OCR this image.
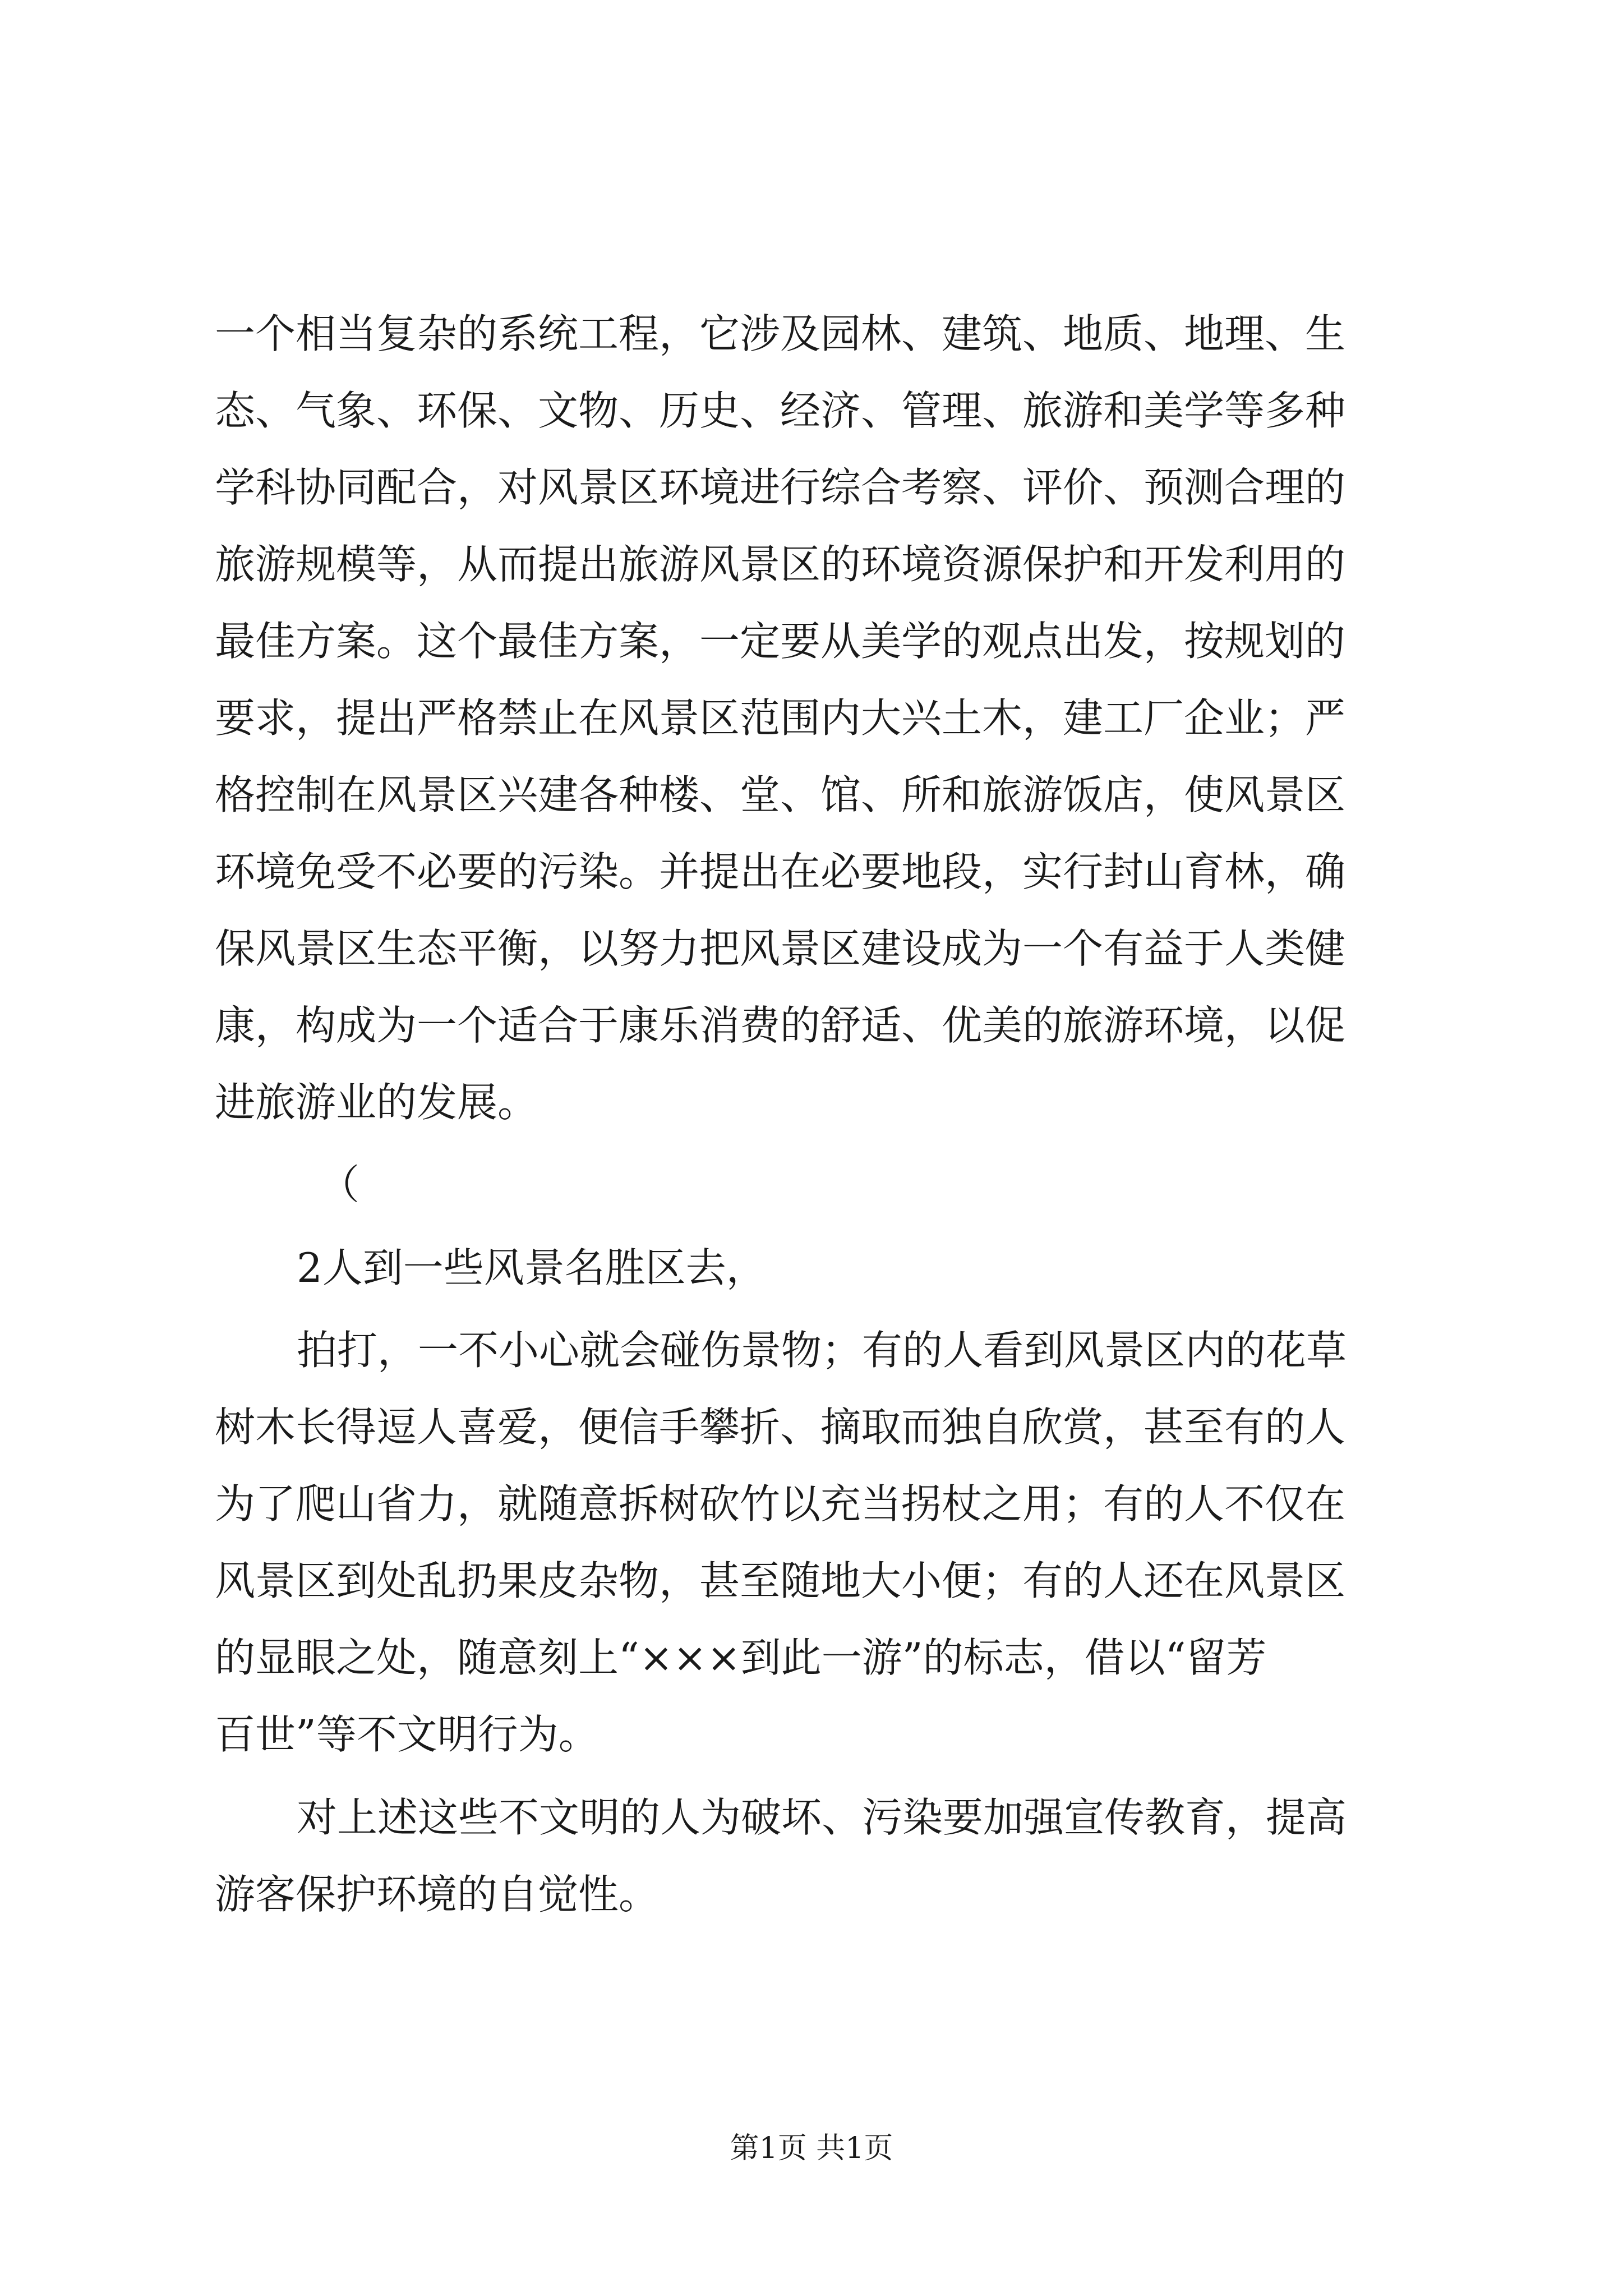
一个相当复杂的系统工程，它涉及园林、建筑、地质、地理、生
态、气象、环保、文物、历史、经济、管理、旅游和美学等多种
学科协同配合，对风景区环境进行综合考察、评价、预测合理的
旅游规模等，从而提出旅游风景区的环境资源保护和开发利用的
最佳方案。这个最佳方案，一定要从美学的观点出发，按规划的
要求，提出严格禁止在风景区范围内大兴土木，建工厂企业；严
格控制在风景区兴建各种楼、堂、馆、所和旅游饭店，使风景区
环境免受不必要的污染。并提出在必要地段，实行封山育林，确
保风景区生态平衡，以努力把风景区建设成为一个有益于人类健
康，构成为一个适合于康乐消费的舒适、优美的旅游环境，以促
进旅游业的发展。
（
2人到一些风景名胜区去，
拍打，一不小心就会碰伤景物；有的人看到风景区内的花草
树木长得逗人喜爱，便信手攀折、摘取而独自欣赏，甚至有的人
为了爬山省力，就随意拆树砍竹以充当拐杖之用；有的人不仅在
风景区到处乱扔果皮杂物，甚至随地大小便；有的人还在风景区
的显眼之处，随意刻上“×××到此一游”的标志，借以“留芳
百世”等不文明行为。
对上述这些不文明的人为破坏、污染要加强宣传教育，提高
游客保护环境的自觉性。
第1页 共1页
